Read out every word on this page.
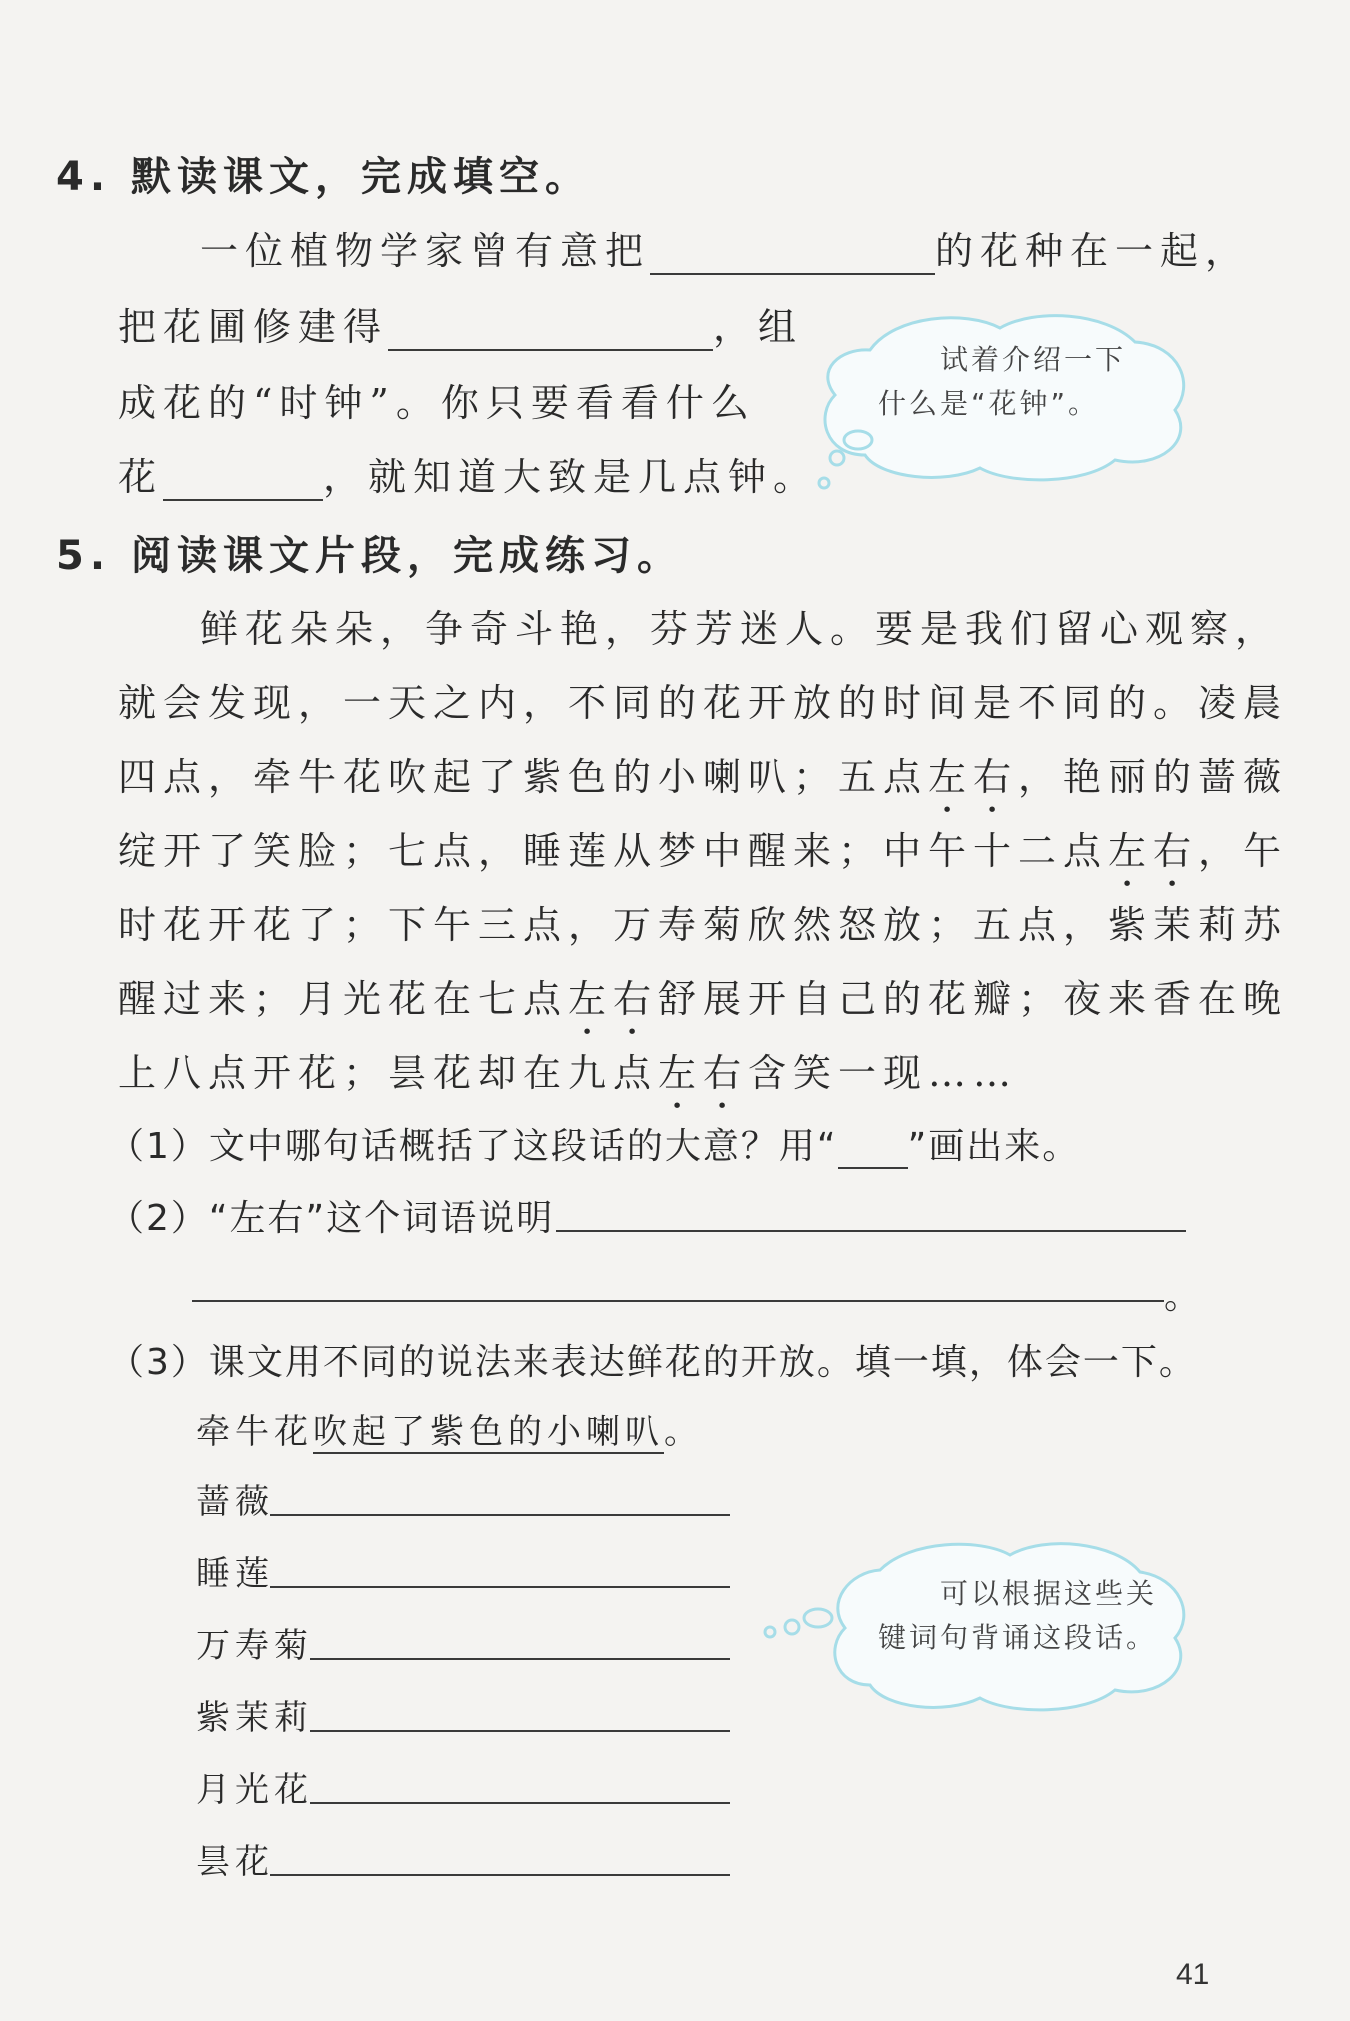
4. 默读课文，完成填空。
一位植物学家曾有意把	的花种在一起，
把花圃修建得	，组
成花的“时钟”。你只要看看什么
花	，就知道大致是几点钟。
试着介绍一下
什么是“花钟”。
5. 阅读课文片段，完成练习。
鲜花朵朵，争奇斗艳，芬芳迷人。要是我们留心观察，
就会发现，一天之内，不同的花开放的时间是不同的。凌晨
四点，牵牛花吹起了紫色的小喇叭；五点左右，艳丽的蔷薇
绽开了笑脸；七点，睡莲从梦中醒来；中午十二点左右，午
时花开花了；下午三点，万寿菊欣然怒放；五点，紫茉莉苏
醒过来；月光花在七点左右舒展开自己的花瓣；夜来香在晚
上八点开花；昙花却在九点左右含笑一现……
（1）文中哪句话概括了这段话的大意？用“ ”画出来。
（2）“左右”这个词语说明
。
（3）课文用不同的说法来表达鲜花的开放。填一填，体会一下。
牵牛花吹起了紫色的小喇叭。
蔷薇
睡莲
万寿菊
紫茉莉
月光花
昙花
可以根据这些关
键词句背诵这段话。
41
